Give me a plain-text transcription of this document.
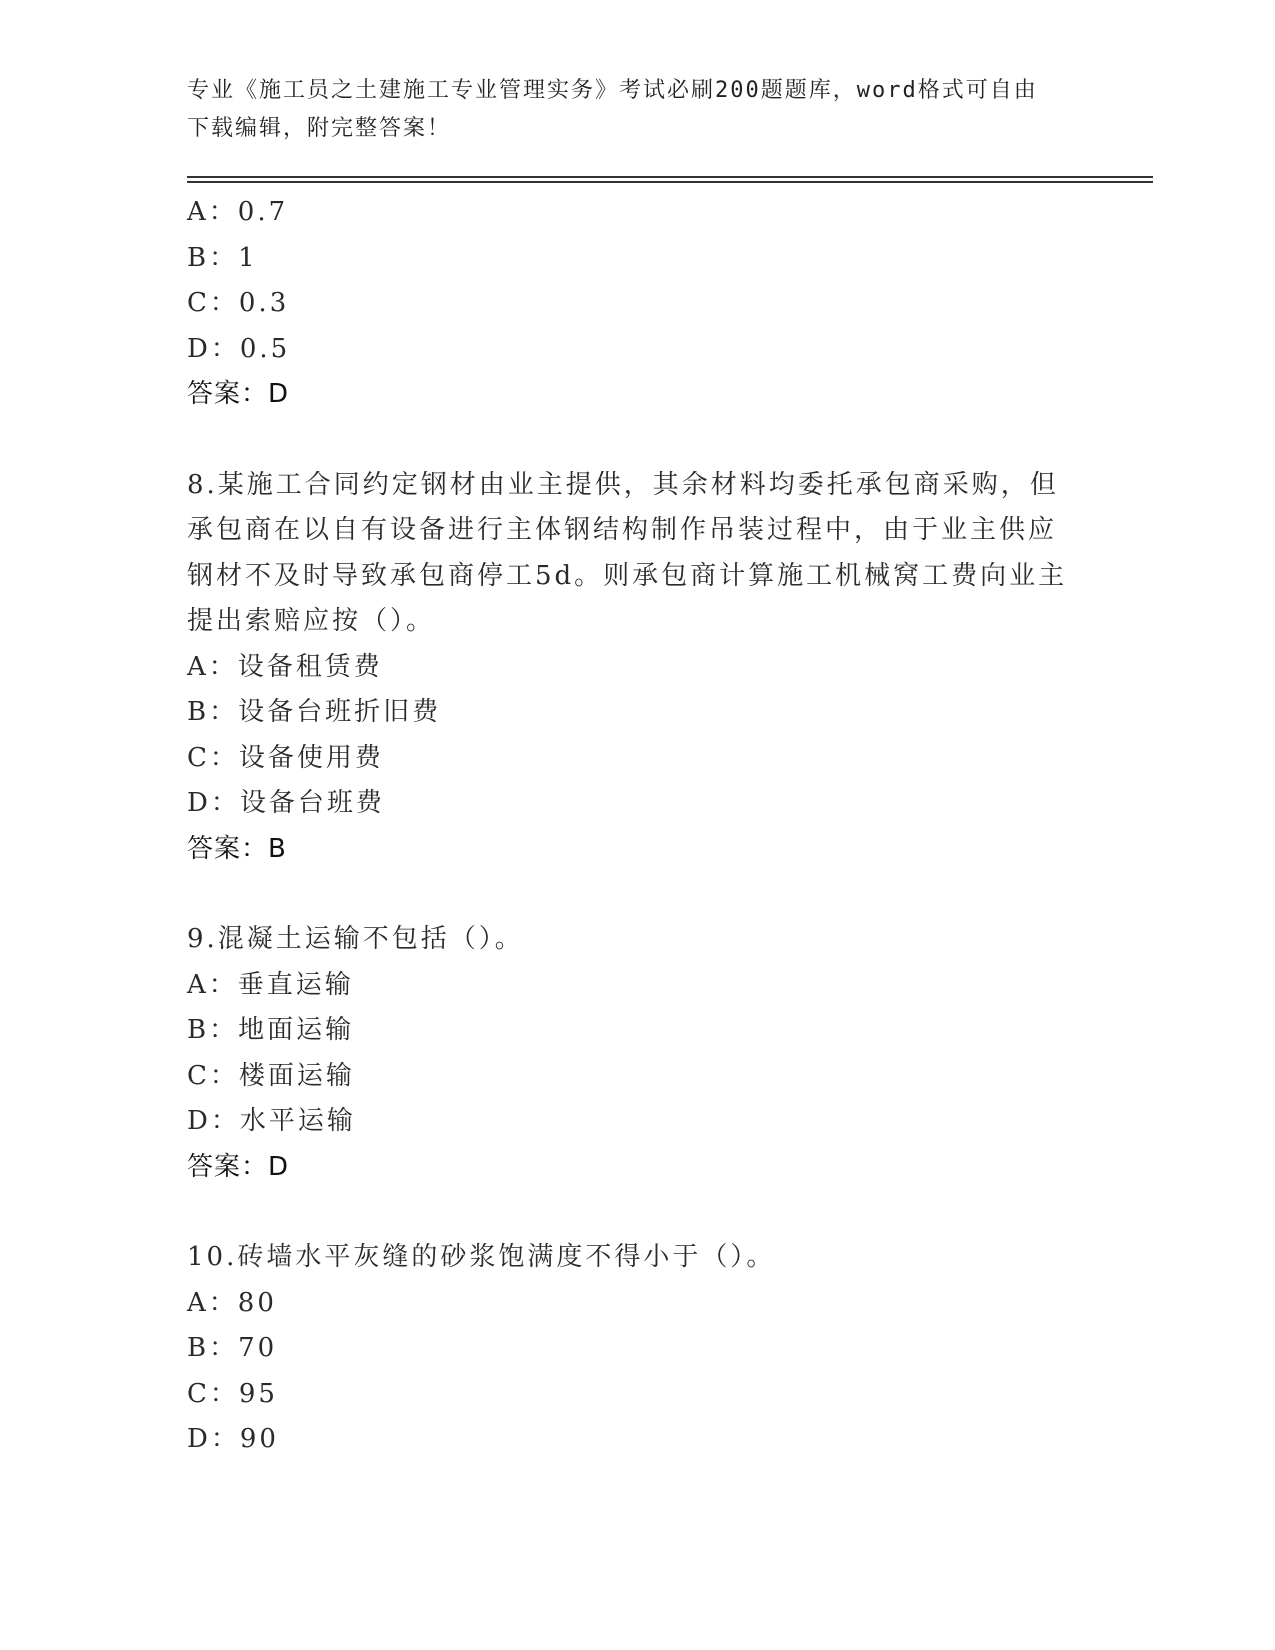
专业《施工员之土建施工专业管理实务》考试必刷200题题库，word格式可自由
下载编辑，附完整答案！
A：0.7
B：1
C：0.3
D：0.5
答案：D
8.某施工合同约定钢材由业主提供，其余材料均委托承包商采购，但
承包商在以自有设备进行主体钢结构制作吊装过程中，由于业主供应
钢材不及时导致承包商停工5d。则承包商计算施工机械窝工费向业主
提出索赔应按（）。
A：设备租赁费
B：设备台班折旧费
C：设备使用费
D：设备台班费
答案：B
9.混凝土运输不包括（）。
A：垂直运输
B：地面运输
C：楼面运输
D：水平运输
答案：D
10.砖墙水平灰缝的砂浆饱满度不得小于（）。
A：80
B：70
C：95
D：90
